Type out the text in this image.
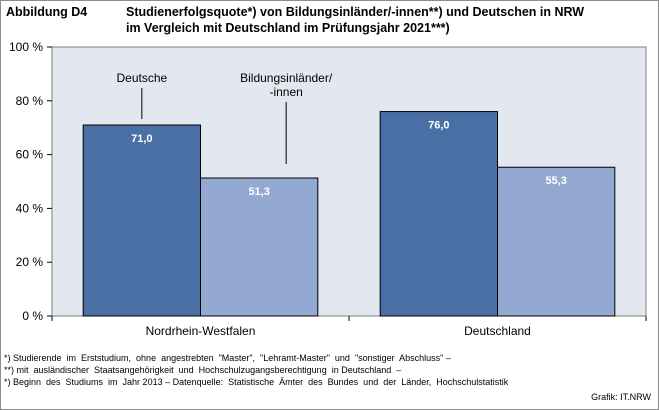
Abbildung D4	Studienerfolgsquote*) von Bildungsinländer/-innen**) und Deutschen in NRW
im Vergleich mit Deutschland im Prüfungsjahr 2021***)
0 %
20 %
40 %
60 %
80 %
100 %
71,0
51,3
Nordrhein-Westfalen
76,0
55,3
Deutschland
Deutsche	Bildungsinländer/
-innen
*) Studierende  im  Erststudium,  ohne  angestrebten  "Master",  "Lehramt-Master"  und  "sonstiger  Abschluss" –
**) mit  ausländischer  Staatsangehörigkeit  und  Hochschulzugangsberechtigung  in Deutschland  –
*) Beginn  des  Studiums  im  Jahr 2013 – Datenquelle:  Statistische  Ämter  des  Bundes  und  der  Länder,  Hochschulstatistik
Grafik: IT.NRW
